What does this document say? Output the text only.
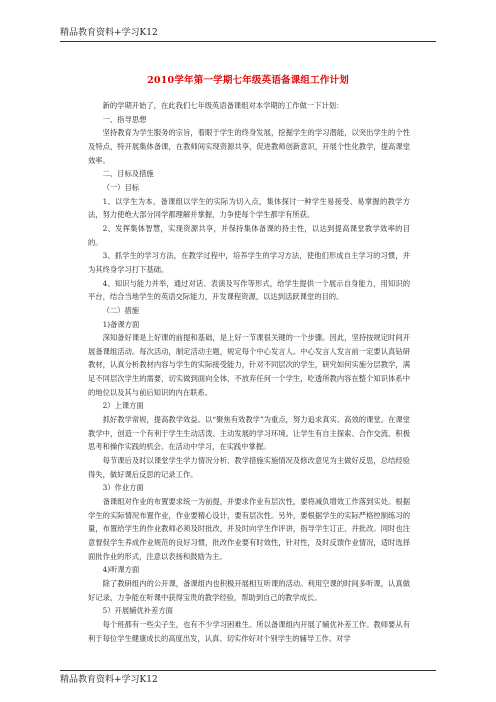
精品教育资料+学习K12
2010学年第一学期七年级英语备课组工作计划

新的学期开始了，在此我们七年级英语备课组对本学期的工作做一下计划：

一、指导思想

坚持教育为学生服务的宗旨，着眼于学生的终身发展，挖掘学生的学习潜能，以突出学生的个性及特点，特开展集体备课，在教师间实现资源共享，促进教师创新意识，开展个性化教学，提高课堂效率。

二、目标及措施

（一）目标

1、以学生为本，备课组以学生的实际为切入点，集体探讨一种学生易接受、易掌握的教学方法，努力使绝大部分同学都理解并掌握，力争使每个学生都学有所获。

2、发挥集体智慧，实现资源共享，并保持集体备课的持主性，以达到提高课堂教学效率的目的。

3、抓学生的学习方法，在教学过程中，培养学生的学习方法，使他们形成自主学习的习惯，并为其终身学习打下基础。

4、知识与能力并举，通过对话、表演及写作等形式，给学生提供一个展示自身能力，用知识的平台，结合当地学生的英语交际能力，开发课程资源，以达到活跃课堂的目的。

（二）措施

1)备课方面

深知备好课是上好课的前提和基础，是上好一节课很关键的一个步骤。因此，坚持按规定时间开展备课组活动。每次活动，制定活动主题，规定每个中心发言人。中心发言人发言前一定要认真钻研教材，认真分析教材内容与学生的实际接受能力，针对不同层次的学生，研究如何实施分层教学，满足不同层次学生的需要，切实做到面向全体，不放弃任何一个学生，吃透所教内容在整个知识体系中的地位以及其与前后知识的内在联系。

2）上课方面

抓好教学常规，提高教学效益。以“聚焦有效教学”为重点，努力追求真实、高效的课堂。在课堂教学中，创造一个有利于学生生动活泼、主动发展的学习环境。让学生有自主探索、合作交流、积极思考和操作实践的机会。在活动中学习，在实践中掌握。

每节课后及时以课堂学生学力情况分析、教学措施实施情况及修改意见为主做好反思，总结经验得失，做好课后反思的记录工作。

3）作业方面

备课组对作业的布置要求统一为前提，并要求作业有层次性，要将减负增效工作落到实处。根据学生的实际情况布置作业，作业要精心设计，要有层次性。另外，要根据学生的实际严格控制练习的量，布置给学生的作业教师必须及时批改，并及时向学生作评讲，指导学生订正、并批改。同时也注意督促学生养成作业规范的良好习惯，批改作业要有时效性，针对性，及时反馈作业情况，适时选择面批作业的形式，注意以表扬和鼓励为主。

4)听课方面

除了教研组内的公开课，备课组内也积极开展相互听课的活动。利用空课的时间多听课，认真做好记录，力争能在听课中获得宝贵的教学经验，帮助到自己的教学成长。

5）开展辅优补差方面

每个班都有一些尖子生，也有不少学习困难生。所以备课组内开展了辅优补差工作。教师要从有利于每位学生健康成长的高度出发，认真、切实作好对个别学生的辅导工作。对学

精品教育资料+学习K12
